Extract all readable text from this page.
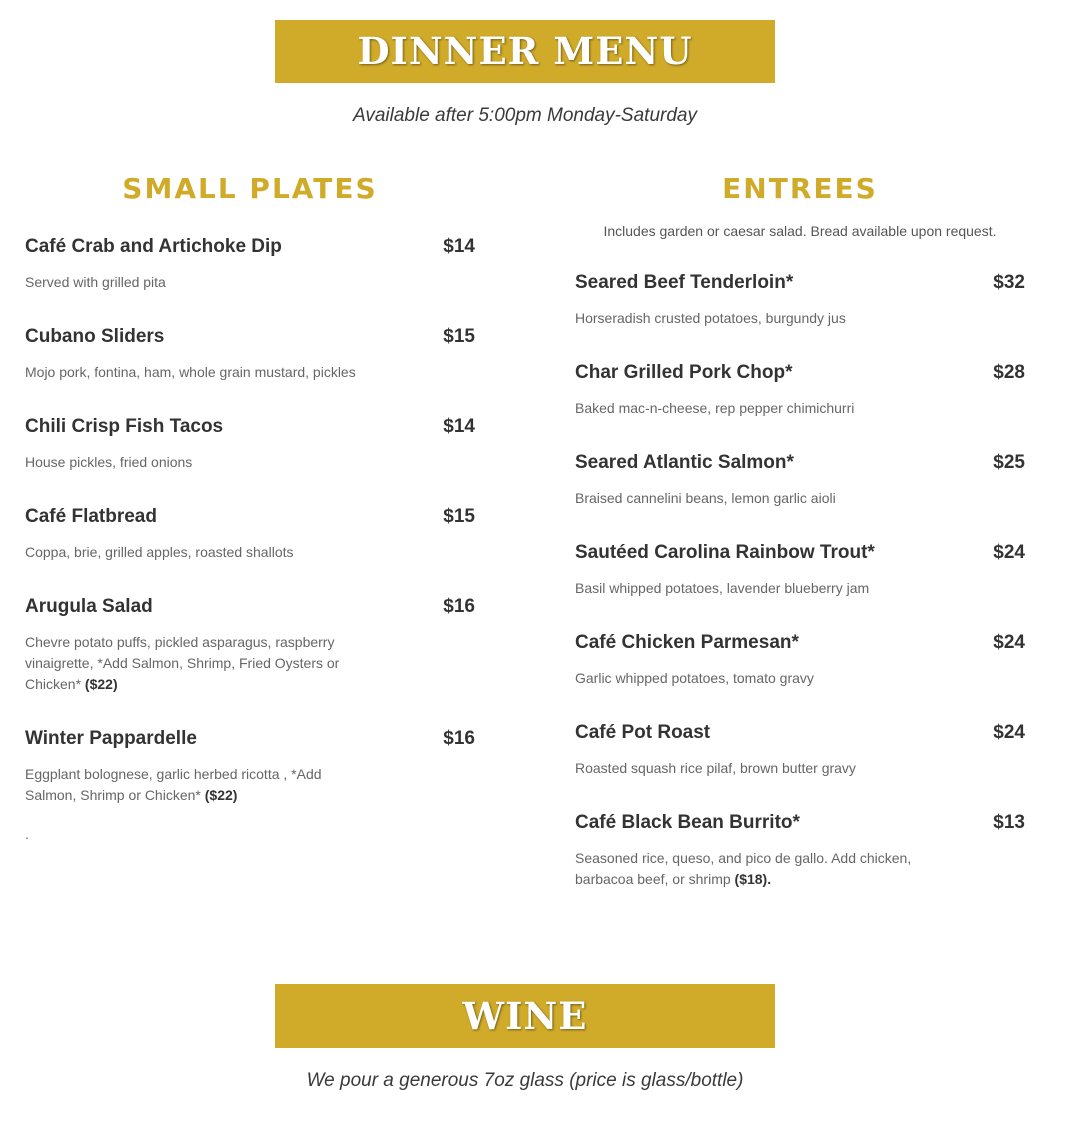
DINNER MENU
Available after 5:00pm Monday-Saturday
SMALL PLATES	ENTREES
Includes garden or caesar salad. Bread available upon request.
Café Crab and Artichoke Dip	$14
Served with grilled pita
Cubano Sliders	$15
Mojo pork, fontina, ham, whole grain mustard, pickles
Chili Crisp Fish Tacos	$14
House pickles, fried onions
Café Flatbread	$15
Coppa, brie, grilled apples, roasted shallots
Arugula Salad	$16
Chevre potato puffs, pickled asparagus, raspberry vinaigrette, *Add Salmon, Shrimp, Fried Oysters or Chicken* ($22)
Winter Pappardelle	$16
Eggplant bolognese, garlic herbed ricotta , *Add Salmon, Shrimp or Chicken* ($22)
.
Seared Beef Tenderloin*	$32
Horseradish crusted potatoes, burgundy jus
Char Grilled Pork Chop*	$28
Baked mac-n-cheese, rep pepper chimichurri
Seared Atlantic Salmon*	$25
Braised cannelini beans, lemon garlic aioli
Sautéed Carolina Rainbow Trout*	$24
Basil whipped potatoes, lavender blueberry jam
Café Chicken Parmesan*	$24
Garlic whipped potatoes, tomato gravy
Café Pot Roast	$24
Roasted squash rice pilaf, brown butter gravy
Café Black Bean Burrito*	$13
Seasoned rice, queso, and pico de gallo. Add chicken, barbacoa beef, or shrimp ($18).
WINE
We pour a generous 7oz glass (price is glass/bottle)
